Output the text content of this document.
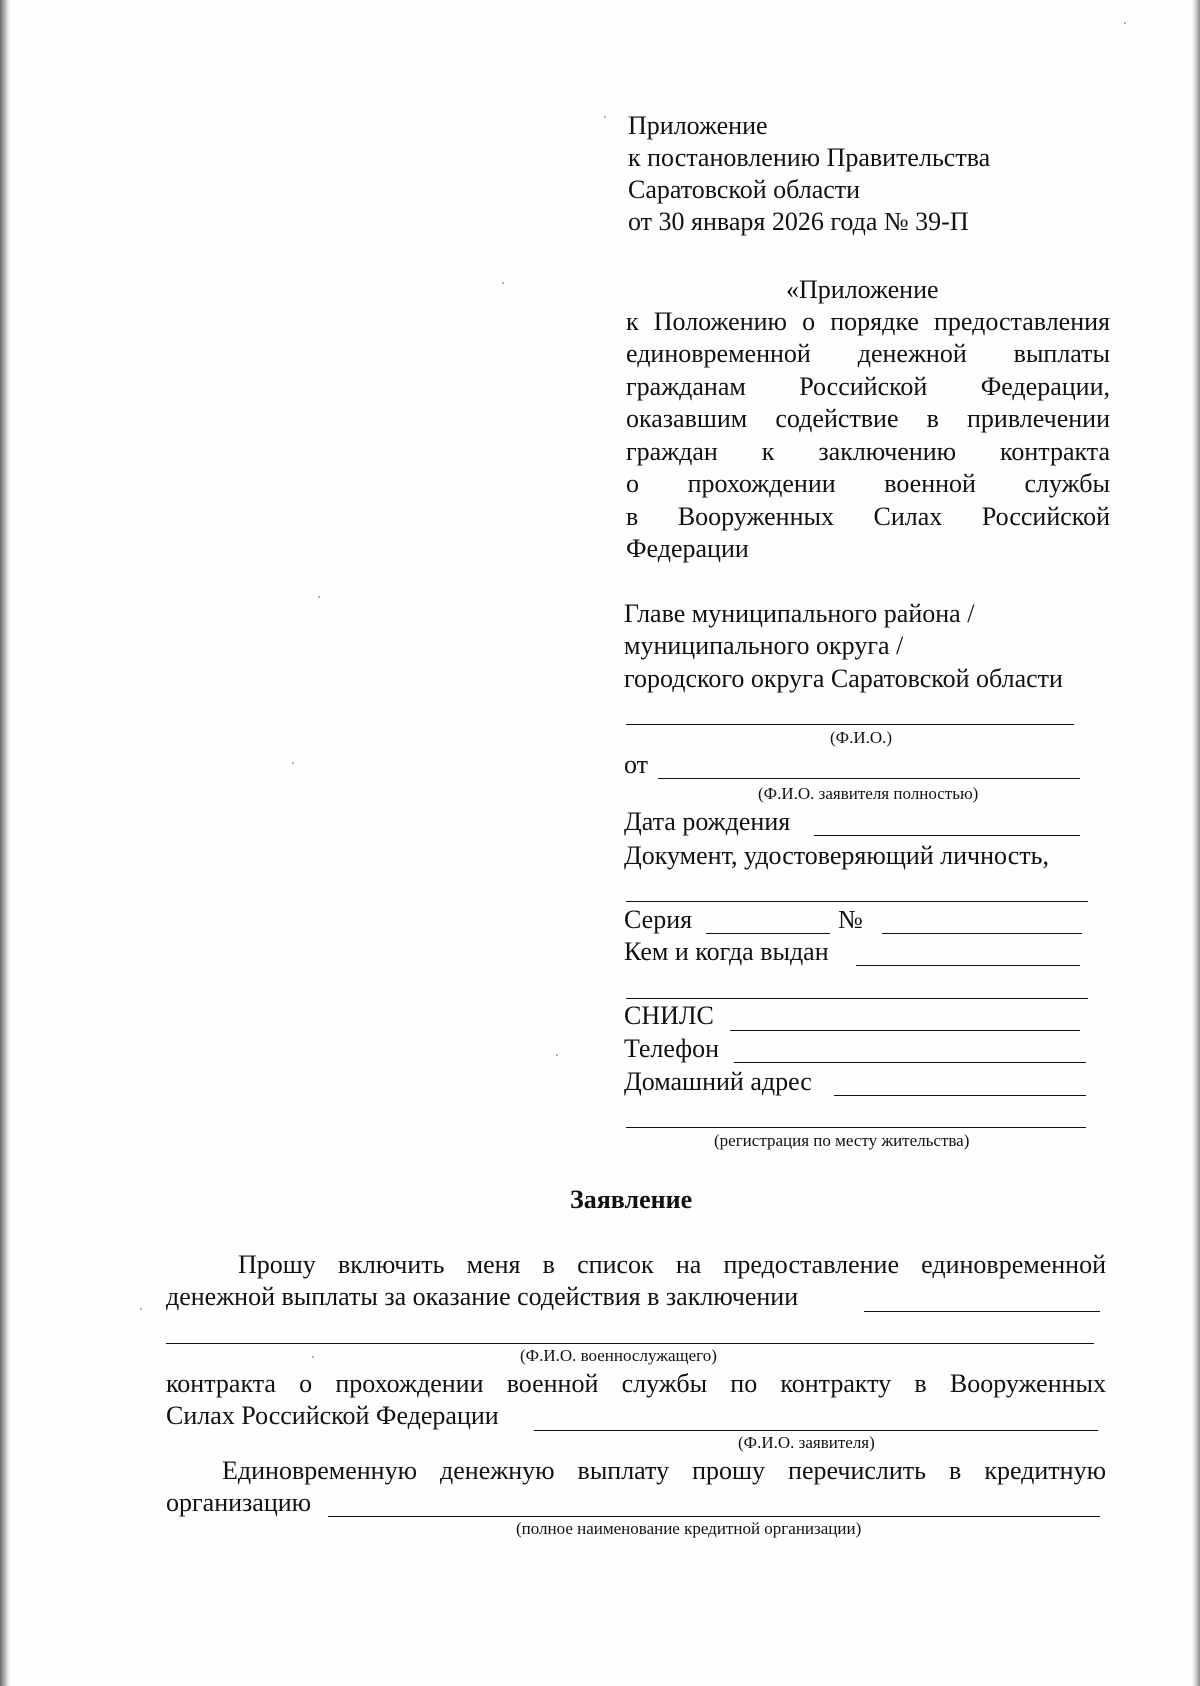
Приложение
к постановлению Правительства
Саратовской области
от 30 января 2026 года № 39-П
«Приложение
к Положению о порядке предоставления
единовременной денежной выплаты
гражданам Российской Федерации,
оказавшим содействие в привлечении
граждан к заключению контракта
о прохождении военной службы
в Вооруженных Силах Российской
Федерации
Главе муниципального района /
муниципального округа /
городского округа Саратовской области
(Ф.И.О.)
от
(Ф.И.О. заявителя полностью)
Дата рождения
Документ, удостоверяющий личность,
Серия	№
Кем и когда выдан
СНИЛС
Телефон
Домашний адрес
(регистрация по месту жительства)
Заявление
Прошу включить меня в список на предоставление единовременной
денежной выплаты за оказание содействия в заключении
(Ф.И.О. военнослужащего)
контракта о прохождении военной службы по контракту в Вооруженных
Силах Российской Федерации
(Ф.И.О. заявителя)
Единовременную денежную выплату прошу перечислить в кредитную
организацию
(полное наименование кредитной организации)
